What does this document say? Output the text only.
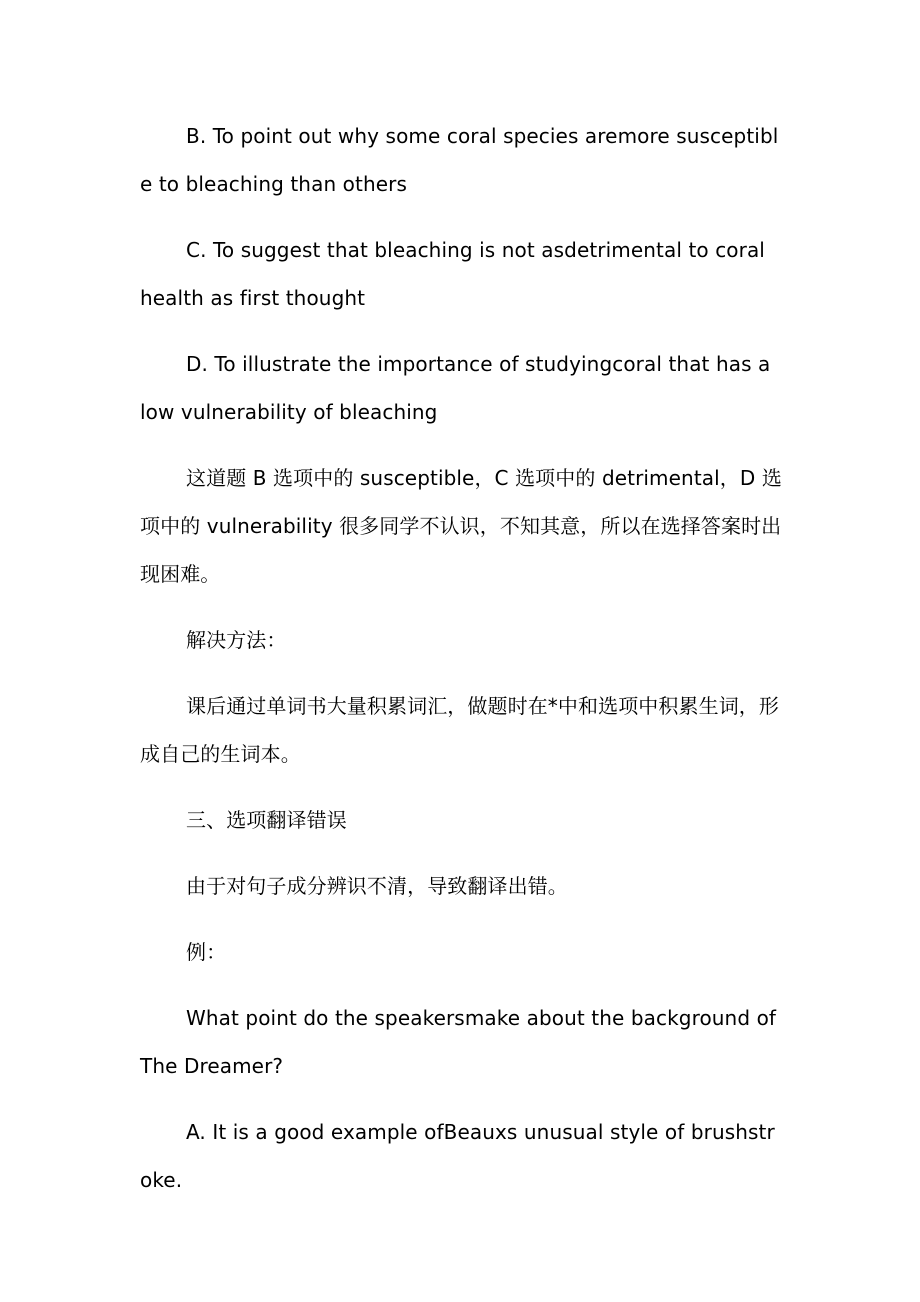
B. To point out why some coral species aremore susceptible to bleaching than others

C. To suggest that bleaching is not asdetrimental to coral health as first thought

D. To illustrate the importance of studyingcoral that has a low vulnerability of bleaching

这道题 B 选项中的 susceptible，C 选项中的 detrimental，D 选项中的 vulnerability 很多同学不认识，不知其意，所以在选择答案时出现困难。

解决方法：

课后通过单词书大量积累词汇，做题时在*中和选项中积累生词，形成自己的生词本。

三、选项翻译错误

由于对句子成分辨识不清，导致翻译出错。

例：

What point do the speakersmake about the background of The Dreamer?

A. It is a good example ofBeauxs unusual style of brushstroke.
